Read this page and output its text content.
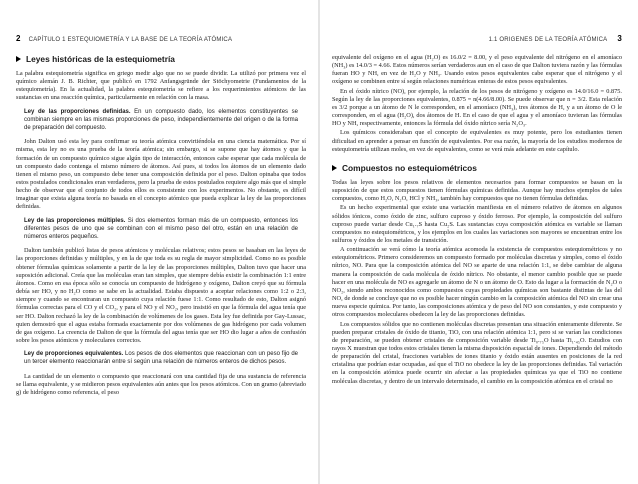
2 CAPÍTULO 1 ESTEQUIOMETRÍA Y LA BASE DE LA TEORÍA ATÓMICA
Leyes históricas de la estequiometría

La palabra estequiometría significa en griego medir algo que no se puede dividir. La utilizó por primera vez el químico alemán J. B. Richter, que publicó en 1792 Anfangsgründe der Stöchyometrie (Fundamentos de la estequiometría). En la actualidad, la palabra estequiometría se refiere a los requerimientos atómicos de las sustancias en una reacción química, particularmente en relación con la masa.

Ley de las proporciones definidas. En un compuesto dado, los elementos constituyentes se combinan siempre en las mismas proporciones de peso, independientemente del origen o de la forma de preparación del compuesto.

John Dalton usó esta ley para confirmar su teoría atómica convirtiéndola en una ciencia matemática. Por sí misma, esta ley no es una prueba de la teoría atómica; sin embargo, si se supone que hay átomos y que la formación de un compuesto químico sigue algún tipo de interacción, entonces cabe esperar que cada molécula de un compuesto dado contenga el mismo número de átomos. Así pues, si todos los átomos de un elemento dado tienen el mismo peso, un compuesto debe tener una composición definida por el peso. Dalton opinaba que todos estos postulados condicionales eran verdaderos, pero la prueba de estos postulados requiere algo más que el simple hecho de observar que el conjunto de todos ellos es consistente con los experimentos. No obstante, es difícil imaginar que exista alguna teoría no basada en el concepto atómico que pueda explicar la ley de las proporciones definidas.

Ley de las proporciones múltiples. Si dos elementos forman más de un compuesto, entonces los diferentes pesos de uno que se combinan con el mismo peso del otro, están en una relación de números enteros pequeños.

Dalton también publicó listas de pesos atómicos y moléculas relativos; estos pesos se basaban en las leyes de las proporciones definidas y múltiples, y en la de que toda es su regla de mayor simplicidad. Como no es posible obtener fórmulas químicas solamente a partir de la ley de las proporciones múltiples, Dalton tuvo que hacer una suposición adicional. Creía que las moléculas eran tan simples, que siempre debía existir la combinación 1:1 entre átomos. Como en esa época sólo se conocía un compuesto de hidrógeno y oxígeno, Dalton creyó que su fórmula debía ser HO, y no H₂O como se sabe en la actualidad. Estaba dispuesto a aceptar relaciones como 1:2 o 2:3, siempre y cuando se encontraran un compuesto cuya relación fuese 1:1. Como resultado de esto, Dalton asignó fórmulas correctas para el CO y el CO₂, y para el NO y el NO₂, pero insistió en que la fórmula del agua tenía que ser HO. Dalton rechazó la ley de la combinación de volúmenes de los gases. Esta ley fue definida por Gay-Lussac, quien demostró que el agua estaba formada exactamente por dos volúmenes de gas hidrógeno por cada volumen de gas oxígeno. La creencia de Dalton de que la fórmula del agua tenía que ser HO dio lugar a años de confusión sobre los pesos atómicos y moleculares correctos.

Ley de proporciones equivalentes. Los pesos de dos elementos que reaccionan con un peso fijo de un tercer elemento reaccionarán entre sí según una relación de números enteros de dichos pesos.

La cantidad de un elemento o compuesto que reaccionará con una cantidad fija de una sustancia de referencia se llama equivalente, y se midieron pesos equivalentes aún antes que los pesos atómicos. Con un gramo (abreviado g) de hidrógeno como referencia, el peso

1.1 ORIGENES DE LA TEORÍA ATÓMICA 3

equivalente del oxígeno en el agua (H₂O) es 16.0/2 = 8.00, y el peso equivalente del nitrógeno en el amoníaco (NH₃) es 14.0/3 = 4.66. Estos números serían verdaderos aun en el caso de que Dalton tuviera razón y las fórmulas fueran HO y NH, en vez de H₂O y NH₃. Usando estos pesos equivalentes cabe esperar que el nitrógeno y el oxígeno se combinen entre sí según relaciones numéricas enteras de estos pesos equivalentes.

En el óxido nítrico (NO), por ejemplo, la relación de los pesos de nitrógeno y oxígeno es 14.0/16.0 = 0.875. Según la ley de las proporciones equivalentes, 0.875 = n(4.66/8.00). Se puede observar que n = 3/2. Esta relación es 3/2 porque a un átomo de N le corresponden, en el amoníaco (NH₃), tres átomos de H, y a un átomo de O le corresponden, en el agua (H₂O), dos átomos de H. En el caso de que el agua y el amoníaco tuvieran las fórmulas HO y NH, respectivamente, entonces la fórmula del óxido nítrico sería N₂O₃.

Los químicos consideraban que el concepto de equivalentes es muy potente, pero los estudiantes tienen dificultad en aprender a pensar en función de equivalentes. Por esa razón, la mayoría de los estudios modernos de estequiometría utilizan moles, en vez de equivalentes, como se verá más adelante en este capítulo.

Compuestos no estequiométricos

Todas las leyes sobre los pesos relativos de elementos necesarios para formar compuestos se basan en la suposición de que estos compuestos tienen fórmulas químicas definidas. Aunque hay muchos ejemplos de tales compuestos, como H₂O, N₂O, HCl y NH₃, también hay compuestos que no tienen fórmulas definidas.

Es un hecho experimental que existe una variación manifiesta en el número relativo de átomos en algunos sólidos iónicos, como óxido de zinc, sulfuro cuproso y óxido ferroso. Por ejemplo, la composición del sulfuro cuproso puede variar desde Cu₁.₇S hasta Cu₂S. Las sustancias cuya composición atómica es variable se llaman compuestos no estequiométricos, y los ejemplos en los cuales las variaciones son mayores se encuentran entre los sulfuros y óxidos de los metales de transición.

A continuación se verá cómo la teoría atómica acomoda la existencia de compuestos estequiométricos y no estequiométricos. Primero consideremos un compuesto formado por moléculas discretas y simples, como el óxido nítrico, NO. Para que la composición atómica del NO se aparte de una relación 1:1, se debe cambiar de alguna manera la composición de cada molécula de óxido nítrico. No obstante, el menor cambio posible que se puede hacer en una molécula de NO es agregarle un átomo de N o un átomo de O. Esto da lugar a la formación de N₂O o NO₂, siendo ambos reconocidos como compuestos cuyas propiedades químicas son bastante distintas de las del NO, de donde se concluye que no es posible hacer ningún cambio en la composición atómica del NO sin crear una nueva especie química. Por tanto, las composiciones atómica y de peso del NO son constantes, y este compuesto y otros compuestos moleculares obedecen la ley de las proporciones definidas.

Los compuestos sólidos que no contienen moléculas discretas presentan una situación enteramente diferente. Se pueden preparar cristales de óxido de titanio, TiO, con una relación atómica 1:1, pero si se varían las condiciones de preparación, se pueden obtener cristales de composición variable desde Ti₀.₇₅O hasta Ti₁.₄₅O. Estudios con rayos X muestran que todos estos cristales tienen la misma disposición espacial de iones. Dependiendo del método de preparación del cristal, fracciones variables de iones titanio y óxido están ausentes en posiciones de la red cristalina que podrían estar ocupadas, así que el TiO no obedece la ley de las proporciones definidas. Tal variación en la composición atómica puede ocurrir sin afectar a las propiedades químicas ya que el TiO no contiene moléculas discretas, y dentro de un intervalo determinado, el cambio en la composición atómica en el cristal no
